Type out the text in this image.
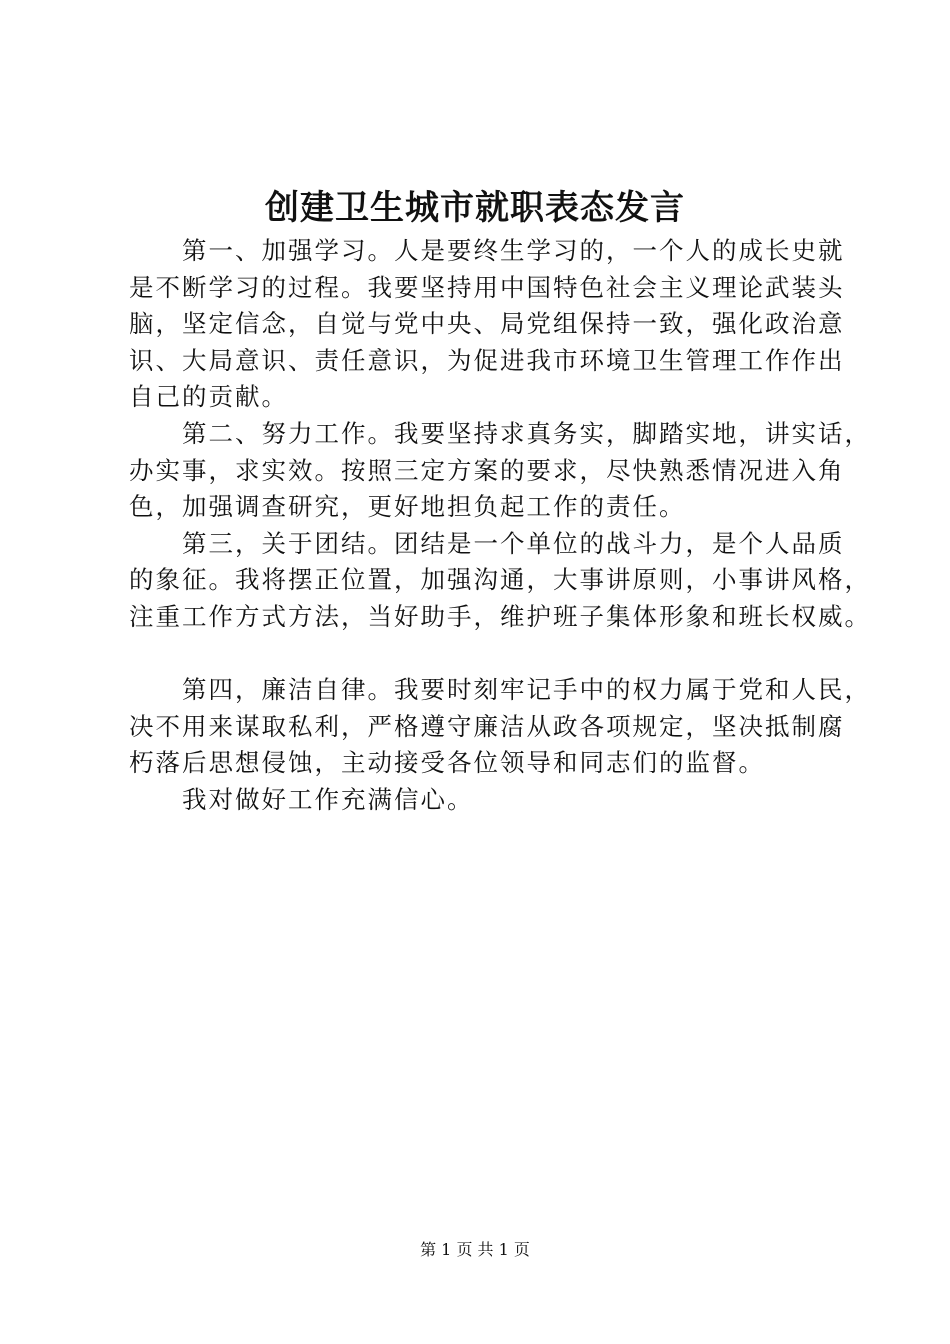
创建卫生城市就职表态发言
第一、加强学习。人是要终生学习的，一个人的成长史就
是不断学习的过程。我要坚持用中国特色社会主义理论武装头
脑，坚定信念，自觉与党中央、局党组保持一致，强化政治意
识、大局意识、责任意识，为促进我市环境卫生管理工作作出
自己的贡献。
第二、努力工作。我要坚持求真务实，脚踏实地，讲实话，
办实事，求实效。按照三定方案的要求，尽快熟悉情况进入角
色，加强调查研究，更好地担负起工作的责任。
第三，关于团结。团结是一个单位的战斗力，是个人品质
的象征。我将摆正位置，加强沟通，大事讲原则，小事讲风格，
注重工作方式方法，当好助手，维护班子集体形象和班长权威。
第四，廉洁自律。我要时刻牢记手中的权力属于党和人民，
决不用来谋取私利，严格遵守廉洁从政各项规定，坚决抵制腐
朽落后思想侵蚀，主动接受各位领导和同志们的监督。
我对做好工作充满信心。
第 1 页 共 1 页
